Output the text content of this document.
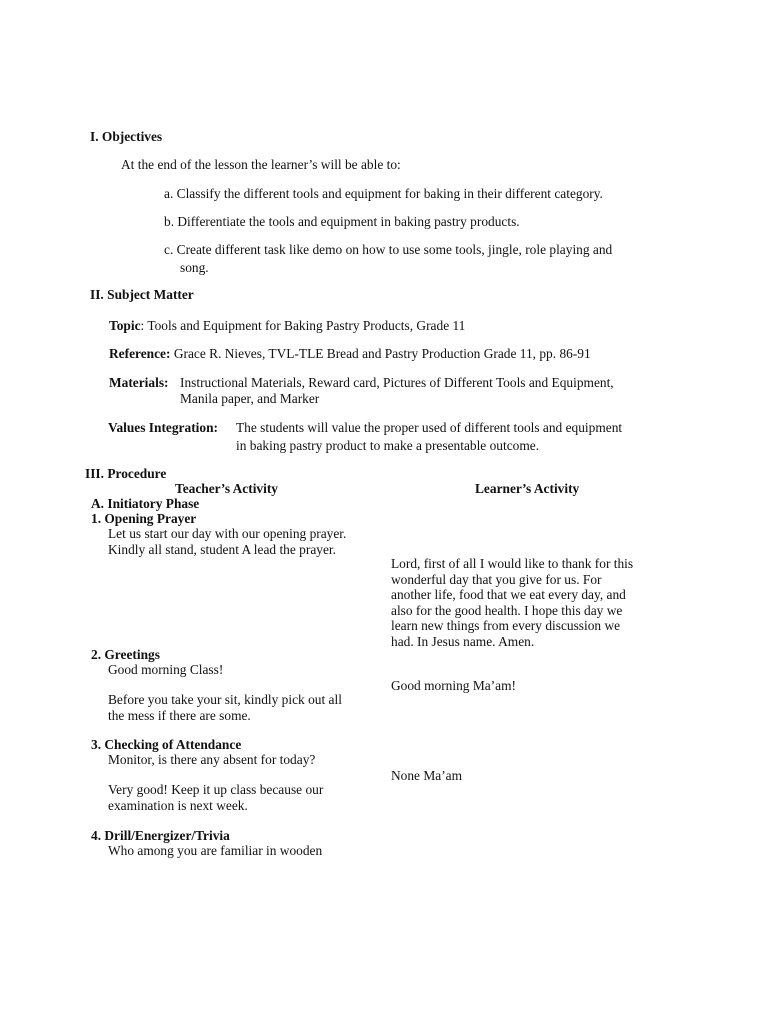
I. Objectives
At the end of the lesson the learner’s will be able to:
a. Classify the different tools and equipment for baking in their different category.
b. Differentiate the tools and equipment in baking pastry products.
c. Create different task like demo on how to use some tools, jingle, role playing and
song.
II. Subject Matter
Topic: Tools and Equipment for Baking Pastry Products, Grade 11
Reference: Grace R. Nieves, TVL-TLE Bread and Pastry Production Grade 11, pp. 86-91
Materials: Instructional Materials, Reward card, Pictures of Different Tools and Equipment,
Manila paper, and Marker
Values Integration: The students will value the proper used of different tools and equipment
in baking pastry product to make a presentable outcome.
III. Procedure
Teacher’s Activity	Learner’s Activity
A. Initiatory Phase
1. Opening Prayer
Let us start our day with our opening prayer.
Kindly all stand, student A lead the prayer.
Lord, first of all I would like to thank for this
wonderful day that you give for us. For
another life, food that we eat every day, and
also for the good health. I hope this day we
learn new things from every discussion we
had. In Jesus name. Amen.
2. Greetings
Good morning Class!
Good morning Ma’am!
Before you take your sit, kindly pick out all
the mess if there are some.
3. Checking of Attendance
Monitor, is there any absent for today?
None Ma’am
Very good! Keep it up class because our
examination is next week.
4. Drill/Energizer/Trivia
Who among you are familiar in wooden
